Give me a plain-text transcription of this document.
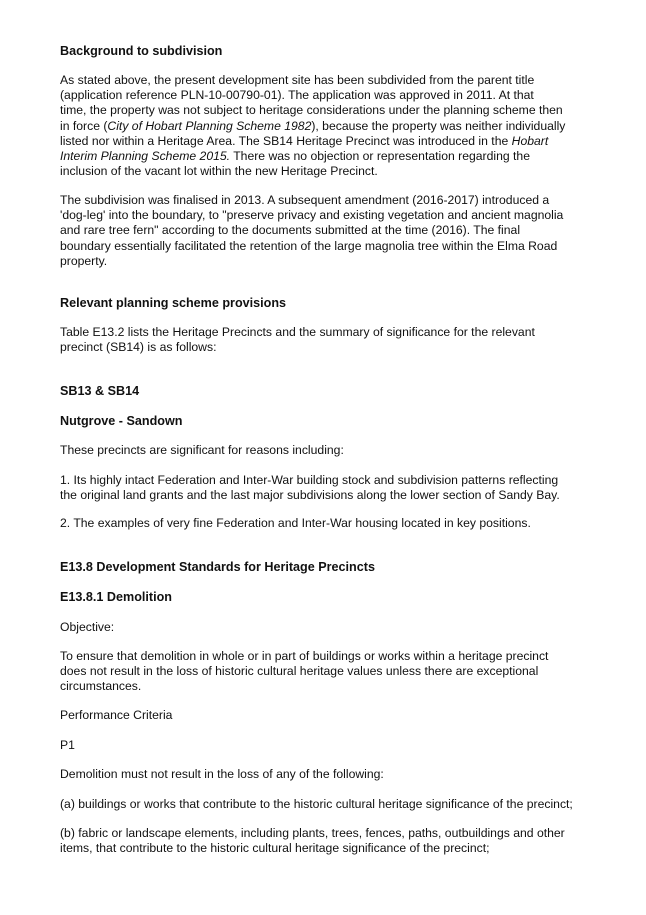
Background to subdivision
As stated above, the present development site has been subdivided from the parent title
(application reference PLN-10-00790-01). The application was approved in 2011. At that
time, the property was not subject to heritage considerations under the planning scheme then
in force (City of Hobart Planning Scheme 1982), because the property was neither individually
listed nor within a Heritage Area. The SB14 Heritage Precinct was introduced in the Hobart
Interim Planning Scheme 2015. There was no objection or representation regarding the
inclusion of the vacant lot within the new Heritage Precinct.
The subdivision was finalised in 2013. A subsequent amendment (2016-2017) introduced a
'dog-leg' into the boundary, to "preserve privacy and existing vegetation and ancient magnolia
and rare tree fern" according to the documents submitted at the time (2016). The final
boundary essentially facilitated the retention of the large magnolia tree within the Elma Road
property.
Relevant planning scheme provisions
Table E13.2 lists the Heritage Precincts and the summary of significance for the relevant
precinct (SB14) is as follows:
SB13 & SB14
Nutgrove - Sandown
These precincts are significant for reasons including:
1. Its highly intact Federation and Inter-War building stock and subdivision patterns reflecting
the original land grants and the last major subdivisions along the lower section of Sandy Bay.
2. The examples of very fine Federation and Inter-War housing located in key positions.
E13.8 Development Standards for Heritage Precincts
E13.8.1 Demolition
Objective:
To ensure that demolition in whole or in part of buildings or works within a heritage precinct
does not result in the loss of historic cultural heritage values unless there are exceptional
circumstances.
Performance Criteria
P1
Demolition must not result in the loss of any of the following:
(a) buildings or works that contribute to the historic cultural heritage significance of the precinct;
(b) fabric or landscape elements, including plants, trees, fences, paths, outbuildings and other
items, that contribute to the historic cultural heritage significance of the precinct;
